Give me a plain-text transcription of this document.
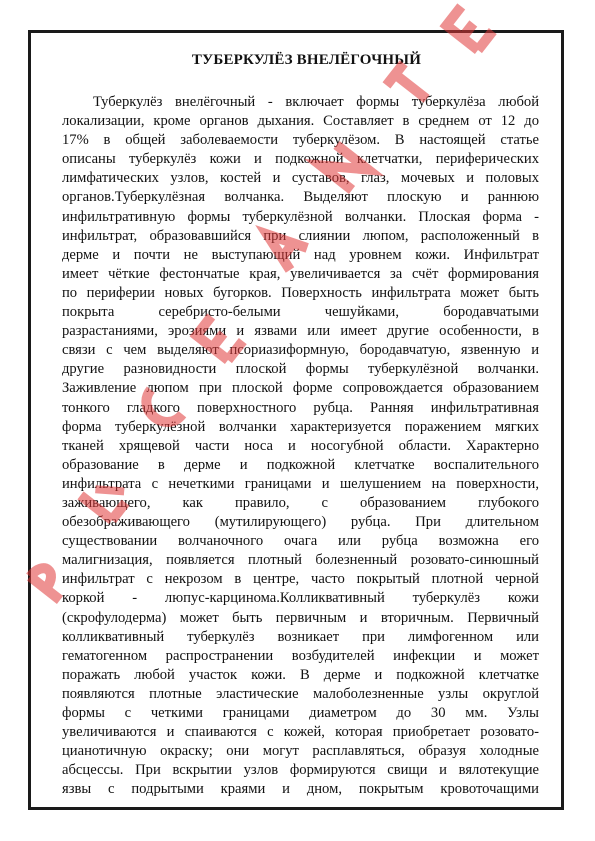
ТУБЕРКУЛЁЗ ВНЕЛЁГОЧНЫЙ
Туберкулёз внелёгочный - включает формы туберкулёза любой
локализации, кроме органов дыхания. Составляет в среднем от 12 до
17% в общей заболеваемости туберкулёзом. В настоящей статье
описаны туберкулёз кожи и подкожной клетчатки, периферических
лимфатических узлов, костей и суставов, глаз, мочевых и половых
органов.Туберкулёзная волчанка. Выделяют плоскую и раннюю
инфильтративную формы туберкулёзной волчанки. Плоская форма -
инфильтрат, образовавшийся при слиянии люпом, расположенный в
дерме и почти не выступающий над уровнем кожи. Инфильтрат
имеет чёткие фестончатые края, увеличивается за счёт формирования
по периферии новых бугорков. Поверхность инфильтрата может быть
покрыта серебристо-белыми чешуйками, бородавчатыми
разрастаниями, эрозиями и язвами или имеет другие особенности, в
связи с чем выделяют псориазиформную, бородавчатую, язвенную и
другие разновидности плоской формы туберкулёзной волчанки.
Заживление люпом при плоской форме сопровождается образованием
тонкого гладкого поверхностного рубца. Ранняя инфильтративная
форма туберкулёзной волчанки характеризуется поражением мягких
тканей хрящевой части носа и носогубной области. Характерно
образование в дерме и подкожной клетчатке воспалительного
инфильтрата с нечеткими границами и шелушением на поверхности,
заживающего, как правило, с образованием глубокого
обезображивающего (мутилирующего) рубца. При длительном
существовании волчаночного очага или рубца возможна его
малигнизация, появляется плотный болезненный розовато-синюшный
инфильтрат с некрозом в центре, часто покрытый плотной черной
коркой - люпус-карцинома.Колликвативный туберкулёз кожи
(скрофулодерма) может быть первичным и вторичным. Первичный
колликвативный туберкулёз возникает при лимфогенном или
гематогенном распространении возбудителей инфекции и может
поражать любой участок кожи. В дерме и подкожной клетчатке
появляются плотные эластические малоболезненные узлы округлой
формы с четкими границами диаметром до 30 мм. Узлы
увеличиваются и спаиваются с кожей, которая приобретает розовато-
цианотичную окраску; они могут расплавляться, образуя холодные
абсцессы. При вскрытии узлов формируются свищи и вялотекущие
язвы с подрытыми краями и дном, покрытым кровоточащими
